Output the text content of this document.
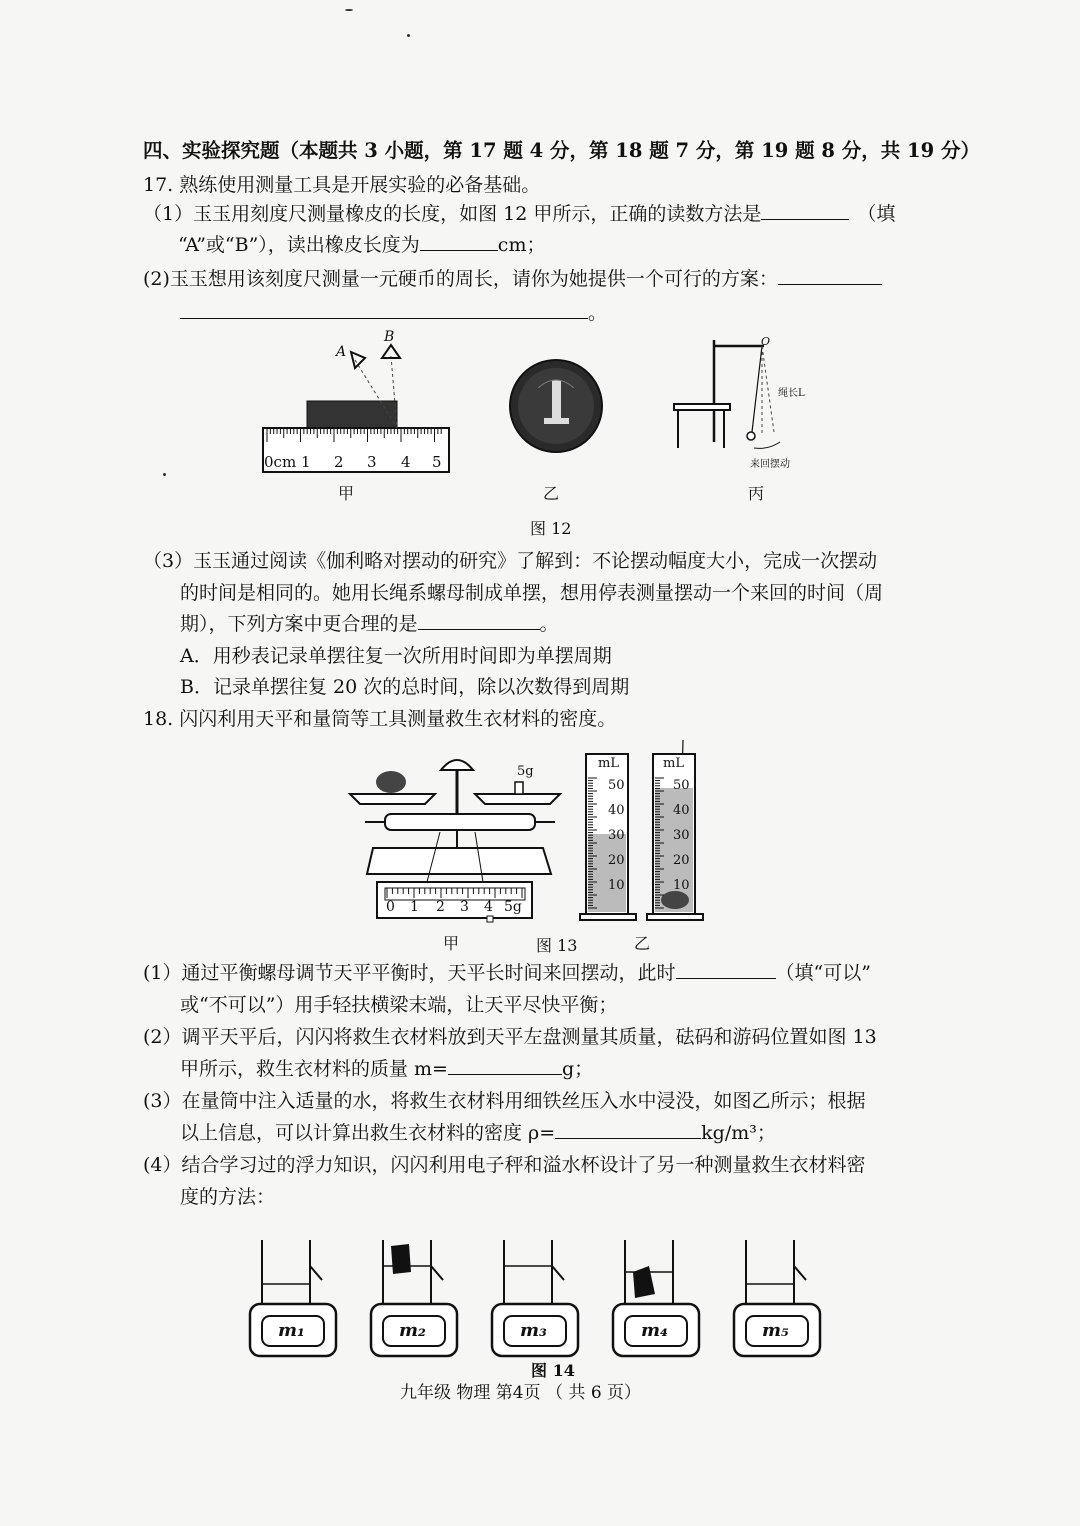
四、实验探究题（本题共 3 小题，第 17 题 4 分，第 18 题 7 分，第 19 题 8 分，共 19 分）
17. 熟练使用测量工具是开展实验的必备基础。
（1）玉玉用刻度尺测量橡皮的长度，如图 12 甲所示，正确的读数方法是	（填
“A”或“B”），读出橡皮长度为	cm；
(2)玉玉想用该刻度尺测量一元硬币的周长，请你为她提供一个可行的方案：
。
A
B
0cm 1 2 3 4 5
O
绳长L
来回摆动
甲	乙	丙
图 12
（3）玉玉通过阅读《伽利略对摆动的研究》了解到：不论摆动幅度大小，完成一次摆动
的时间是相同的。她用长绳系螺母制成单摆，想用停表测量摆动一个来回的时间（周
期），下列方案中更合理的是	。
A．用秒表记录单摆往复一次所用时间即为单摆周期
B．记录单摆往复 20 次的总时间，除以次数得到周期
18. 闪闪利用天平和量筒等工具测量救生衣材料的密度。
5g
0 1 2 3 4 5g
mL
50
40
30
20
10
mL
50
40
30
20
10
甲	图 13	乙
(1）通过平衡螺母调节天平平衡时，天平长时间来回摆动，此时	（填“可以”
或“不可以”）用手轻扶横梁末端，让天平尽快平衡；
(2）调平天平后，闪闪将救生衣材料放到天平左盘测量其质量，砝码和游码位置如图 13
甲所示，救生衣材料的质量 m=	g；
(3）在量筒中注入适量的水，将救生衣材料用细铁丝压入水中浸没，如图乙所示；根据
以上信息，可以计算出救生衣材料的密度 ρ=	kg/m³；
(4）结合学习过的浮力知识，闪闪利用电子秤和溢水杯设计了另一种测量救生衣材料密
度的方法：
m₁	m₂	m₃	m₄	m₅
图 14
九年级 物理 第4页 （ 共 6 页）
